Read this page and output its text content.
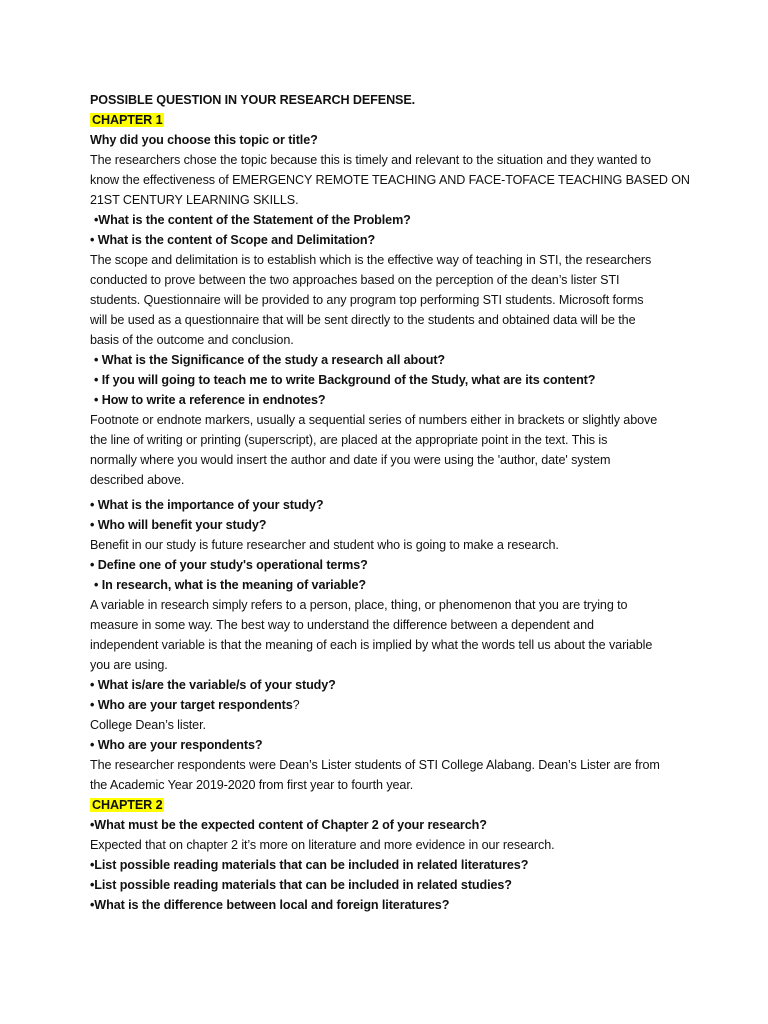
POSSIBLE QUESTION IN YOUR RESEARCH DEFENSE.
CHAPTER 1
Why did you choose this topic or title?
The researchers chose the topic because this is timely and relevant to the situation and they wanted to
know the effectiveness of EMERGENCY REMOTE TEACHING AND FACE-TOFACE TEACHING BASED ON
21ST CENTURY LEARNING SKILLS.
•What is the content of the Statement of the Problem?
• What is the content of Scope and Delimitation?
The scope and delimitation is to establish which is the effective way of teaching in STI, the researchers
conducted to prove between the two approaches based on the perception of the dean’s lister STI
students. Questionnaire will be provided to any program top performing STI students. Microsoft forms
will be used as a questionnaire that will be sent directly to the students and obtained data will be the
basis of the outcome and conclusion.
• What is the Significance of the study a research all about?
• If you will going to teach me to write Background of the Study, what are its content?
• How to write a reference in endnotes?
Footnote or endnote markers, usually a sequential series of numbers either in brackets or slightly above
the line of writing or printing (superscript), are placed at the appropriate point in the text. This is
normally where you would insert the author and date if you were using the 'author, date' system
described above.
• What is the importance of your study?
• Who will benefit your study?
Benefit in our study is future researcher and student who is going to make a research.
• Define one of your study's operational terms?
• In research, what is the meaning of variable?
A variable in research simply refers to a person, place, thing, or phenomenon that you are trying to
measure in some way. The best way to understand the difference between a dependent and
independent variable is that the meaning of each is implied by what the words tell us about the variable
you are using.
• What is/are the variable/s of your study?
• Who are your target respondents?
College Dean’s lister.
• Who are your respondents?
The researcher respondents were Dean’s Lister students of STI College Alabang. Dean’s Lister are from
the Academic Year 2019-2020 from first year to fourth year.
CHAPTER 2
•What must be the expected content of Chapter 2 of your research?
Expected that on chapter 2 it’s more on literature and more evidence in our research.
•List possible reading materials that can be included in related literatures?
•List possible reading materials that can be included in related studies?
•What is the difference between local and foreign literatures?
